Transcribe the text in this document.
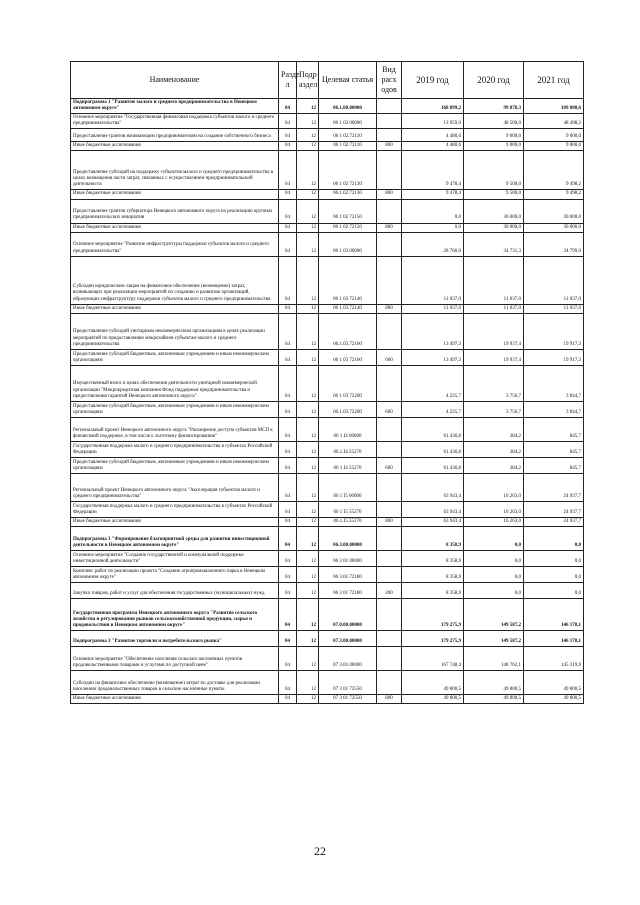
Наименование	Разде л	Подр аздел	Целевая статья	Вид расх одов	2019 год	2020 год	2021 год
Подпрограмма 1 "Развитие малого и среднего предпринимательства в Ненецком автономном округе"	04	12	06.1.00.00000		168 099,2	99 878,3	109 080,6
Основное мероприятие "Государственная финансовая поддержка субъектов малого и среднего предпринимательства"	04	12	06 1 02 00000		13 959,0	48 500,0	48 498,2
Предоставление грантов начинающим предпринимателям на создание собственного бизнеса	04	12	06 1 02.72110		4 480,6	9 000,0	9 000,0
Иные бюджетные ассигнования	04	12	06 1 02.72110	800	4 480,6	9 000,0	9 000,0
Предоставление субсидий на поддержку субъектов малого и среднего предпринимательства в целях возмещения части затрат, связанных с осуществлением предпринимательской деятельности	04	12	06 1 02 72130		9 478,4	9 500,0	9 498,2
Иные бюджетные ассигнования	04	12	06.1.02.72130	800	9 478,4	9 500,0	9 498,2
Предоставление грантов губернатора Ненецкого автономного округа на реализацию крупных предпринимательских инициатив	04	12	06 1 02 72150		0,0	30 000,0	30 000,0
Иные бюджетные ассигнования	04	12	06 1 02 72150	800	0,0	30 000,0	30 000,0
Основное мероприятие "Развитие инфраструктуры поддержки субъектов малого и среднего предпринимательства"	04	12	06 1 03 00000		28 760,0	34 731,3	34 799,0
Субсидии юридическим лицам на финансовое обеспечение (возмещение) затрат, возникающих при реализации мероприятий по созданию и развитию организаций, образующих инфраструктуру поддержки субъектов малого и среднего предпринимательства	04	12	06 1 03 72140		11 037,0	11 037,0	11 037,0
Иные бюджетные ассигнования	04	12	06 1.03.72140	800	11 037,0	11 037,0	11 037,0
Предоставление субсидий унитарным некоммерческим организациям в целях реализации мероприятий по предоставлению микрозаймов субъектам малого и среднего предпринимательства	04	12	06.1.03.72160		13 497,3	19 937,4	19 917,3
Предоставление субсидий бюджетным, автономным учреждениям и иным некоммерческим организациям	04	12	06 1 03 72160	600	13 497,3	19 937,4	19 917,3
Имущественный взнос в целях обеспечения деятельности унитарной некоммерческой организации "Микрокредитная компания Фонд поддержки предпринимательства и предоставления гарантий Ненецкого автономного округа"	04	12	06 1 03 72200		4 225,7	3 756,7	3 844,7
Предоставление субсидий бюджетным, автономным учреждениям и иным некоммерческим организациям	04	12	06.1.03.72200	600	4 225,7	3 756,7	3 844,7
Региональный проект Ненецкого автономного округа "Расширение доступа субъектов МСП к финансовой поддержке, в том числе к льготному финансированию"	04	12	06 1 I4 00000		61 436,8	384,2	845,7
Государственная поддержка малого и среднего предпринимательства в субъектах Российской Федерации	04	12	06.1.I4.55270		61 436,8	384,2	845,7
Предоставление субсидий бюджетным, автономным учреждениям и иным некоммерческим организациям	04	12	06 1 I4 55270	600	61 436,8	384,2	845,7
Региональный проект Ненецкого автономного округа "Акселерация субъектов малого и среднего предпринимательства"	04	12	06 1 I5 00000		63 943,4	16 263,0	24 937,7
Государственная поддержка малого и среднего предпринимательства в субъектах Российской Федерации	04	12	06 1 I5 55270		63 943,4	16 263,0	24 937,7
Иные бюджетные ассигнования	04	12	06.1.I5.55270	800	63 943,4	16 263,0	24 937,7
Подпрограмма 3 "Формирование благоприятной среды для развития инвестиционной деятельности в Ненецком автономном округе"	04	12	06.3.00.00000		8 358,9	0,0	0,0
Основное мероприятие "Создание государственной и коммунальной поддержки инвестиционной деятельности"	04	12	06 3 01 00000		8 358,9	0,0	0,0
Комплекс работ по реализации проекта "Создание агропромышленного парка в Ненецком автономном округе"	04	12	06 3.01.72180		8 358,9	0,0	0,0
Закупка товаров, работ и услуг для обеспечения государственных (муниципальных) нужд	04	12	06 3 01 72180	200	8 358,9	0,0	0,0
Государственная программа Ненецкого автономного округа "Развитие сельского хозяйства и регулирования рынков сельскохозяйственной продукции, сырья и продовольствия в Ненецком автономном округе"	04	12	07.0.00.00000		179 275,9	149 587,2	146 178,1
Подпрограмма 3 "Развитие торговли и потребительского рынка"	04	12	07.3.00.00000		179 275,9	149 587,2	146 178,1
Основное мероприятие "Обеспечение населения сельских населенных пунктов продовольственными товарами и услугами по доступной цене"	04	12	07 3.01.00000		167 748,4	148 762,1	145 319,9
Субсидии на финансовое обеспечение (возмещение) затрат по доставке для реализации населению продовольственных товаров в сельские населённые пункты	04	12	07 3 01 72550		49 800,5	49 800,5	49 800,5
Иные бюджетные ассигнования	04	12	07 3 01 72550	800	49 800,5	49 800,5	49 800,5
22
